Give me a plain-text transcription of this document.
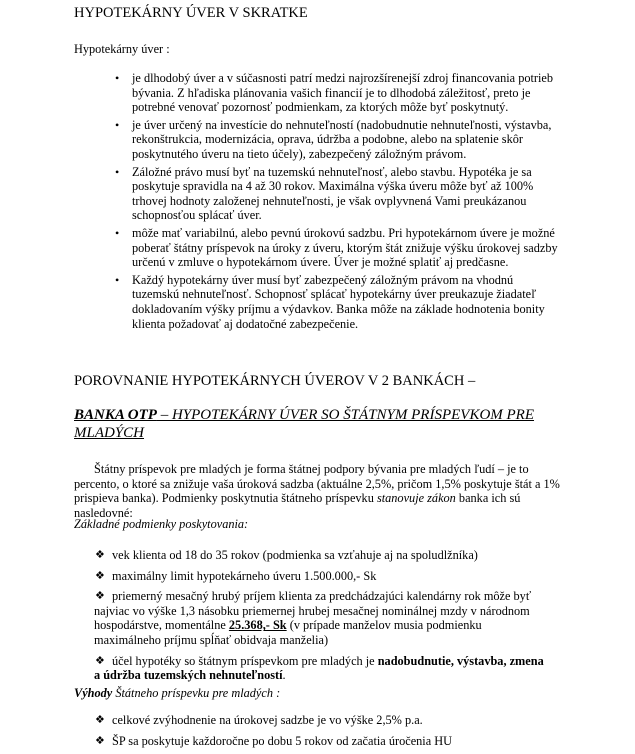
HYPOTEKÁRNY ÚVER V SKRATKE
Hypotekárny úver :
• je dlhodobý úver a v súčasnosti patrí medzi najrozšírenejší zdroj financovania potrieb bývania. Z hľadiska plánovania vašich financií je to dlhodobá záležitosť, preto je potrebné venovať pozornosť podmienkam, za ktorých môže byť poskytnutý.
• je úver určený na investície do nehnuteľností (nadobudnutie nehnuteľnosti, výstavba, rekonštrukcia, modernizácia, oprava, údržba a podobne, alebo na splatenie skôr poskytnutého úveru na tieto účely), zabezpečený záložným právom.
• Záložné právo musí byť na tuzemskú nehnuteľnosť, alebo stavbu. Hypotéka je sa poskytuje spravidla na 4 až 30 rokov. Maximálna výška úveru môže byť až 100% trhovej hodnoty založenej nehnuteľnosti, je však ovplyvnená Vami preukázanou schopnosťou splácať úver.
• môže mať variabilnú, alebo pevnú úrokovú sadzbu. Pri hypotekárnom úvere je možné poberať štátny príspevok na úroky z úveru, ktorým štát znižuje výšku úrokovej sadzby určenú v zmluve o hypotekárnom úvere. Úver je možné splatiť aj predčasne.
• Každý hypotekárny úver musí byť zabezpečený záložným právom na vhodnú tuzemskú nehnuteľnosť. Schopnosť splácať hypotekárny úver preukazuje žiadateľ dokladovaním výšky príjmu a výdavkov. Banka môže na základe hodnotenia bonity klienta požadovať aj dodatočné zabezpečenie.
POROVNANIE HYPOTEKÁRNYCH ÚVEROV V 2 BANKÁCH –
BANKA OTP – HYPOTEKÁRNY ÚVER SO ŠTÁTNYM PRÍSPEVKOM PRE MLADÝCH
Štátny príspevok pre mladých je forma štátnej podpory bývania pre mladých ľudí – je to percento, o ktoré sa znižuje vaša úroková sadzba (aktuálne 2,5%, pričom 1,5% poskytuje štát a 1% prispieva banka). Podmienky poskytnutia štátneho príspevku stanovuje zákon banka ich sú nasledovné:
Základné podmienky poskytovania:
❖ vek klienta od 18 do 35 rokov (podmienka sa vzťahuje aj na spoludlžníka)
❖ maximálny limit hypotekárneho úveru 1.500.000,- Sk
❖ priemerný mesačný hrubý príjem klienta za predchádzajúci kalendárny rok môže byť najviac vo výške 1,3 násobku priemernej hrubej mesačnej nominálnej mzdy v národnom hospodárstve, momentálne 25.368,- Sk (v prípade manželov musia podmienku maximálneho príjmu spĺňať obidvaja manželia)
❖ účel hypotéky so štátnym príspevkom pre mladých je nadobudnutie, výstavba, zmena a údržba tuzemských nehnuteľností.
Výhody Štátneho príspevku pre mladých :
❖ celkové zvýhodnenie na úrokovej sadzbe je vo výške 2,5% p.a.
❖ ŠP sa poskytuje každoročne po dobu 5 rokov od začatia úročenia HU
